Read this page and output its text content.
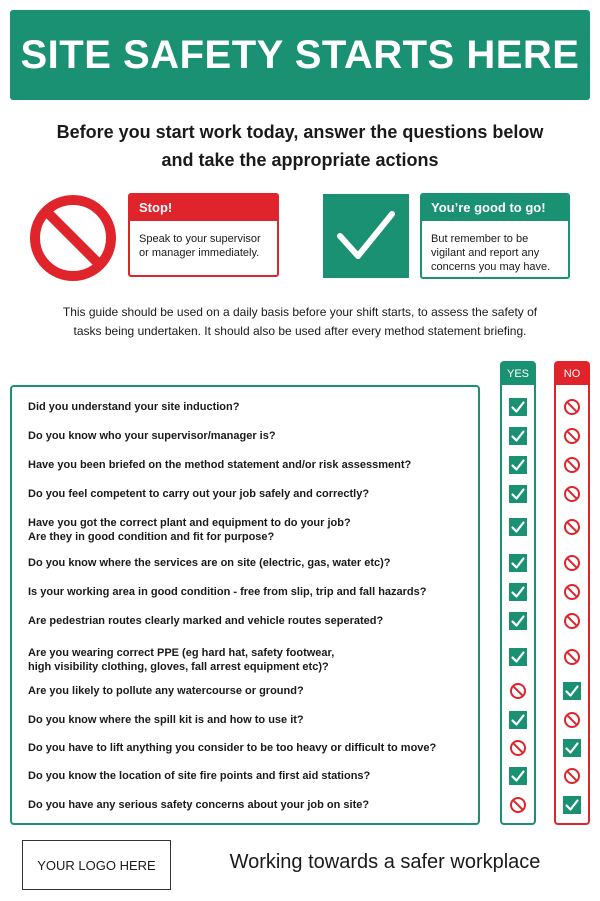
SITE SAFETY STARTS HERE
Before you start work today, answer the questions below
and take the appropriate actions
Stop!
Speak to your supervisor or manager immediately.
You’re good to go!
But remember to be vigilant and report any concerns you may have.
This guide should be used on a daily basis before your shift starts, to assess the safety of
tasks being undertaken. It should also be used after every method statement briefing.
YES	NO
Did you understand your site induction?
Do you know who your supervisor/manager is?
Have you been briefed on the method statement and/or risk assessment?
Do you feel competent to carry out your job safely and correctly?
Have you got the correct plant and equipment to do your job?
Are they in good condition and fit for purpose?
Do you know where the services are on site (electric, gas, water etc)?
Is your working area in good condition - free from slip, trip and fall hazards?
Are pedestrian routes clearly marked and vehicle routes seperated?
Are you wearing correct PPE (eg hard hat, safety footwear,
high visibility clothing, gloves, fall arrest equipment etc)?
Are you likely to pollute any watercourse or ground?
Do you know where the spill kit is and how to use it?
Do you have to lift anything you consider to be too heavy or difficult to move?
Do you know the location of site fire points and first aid stations?
Do you have any serious safety concerns about your job on site?
YOUR LOGO HERE	Working towards a safer workplace
